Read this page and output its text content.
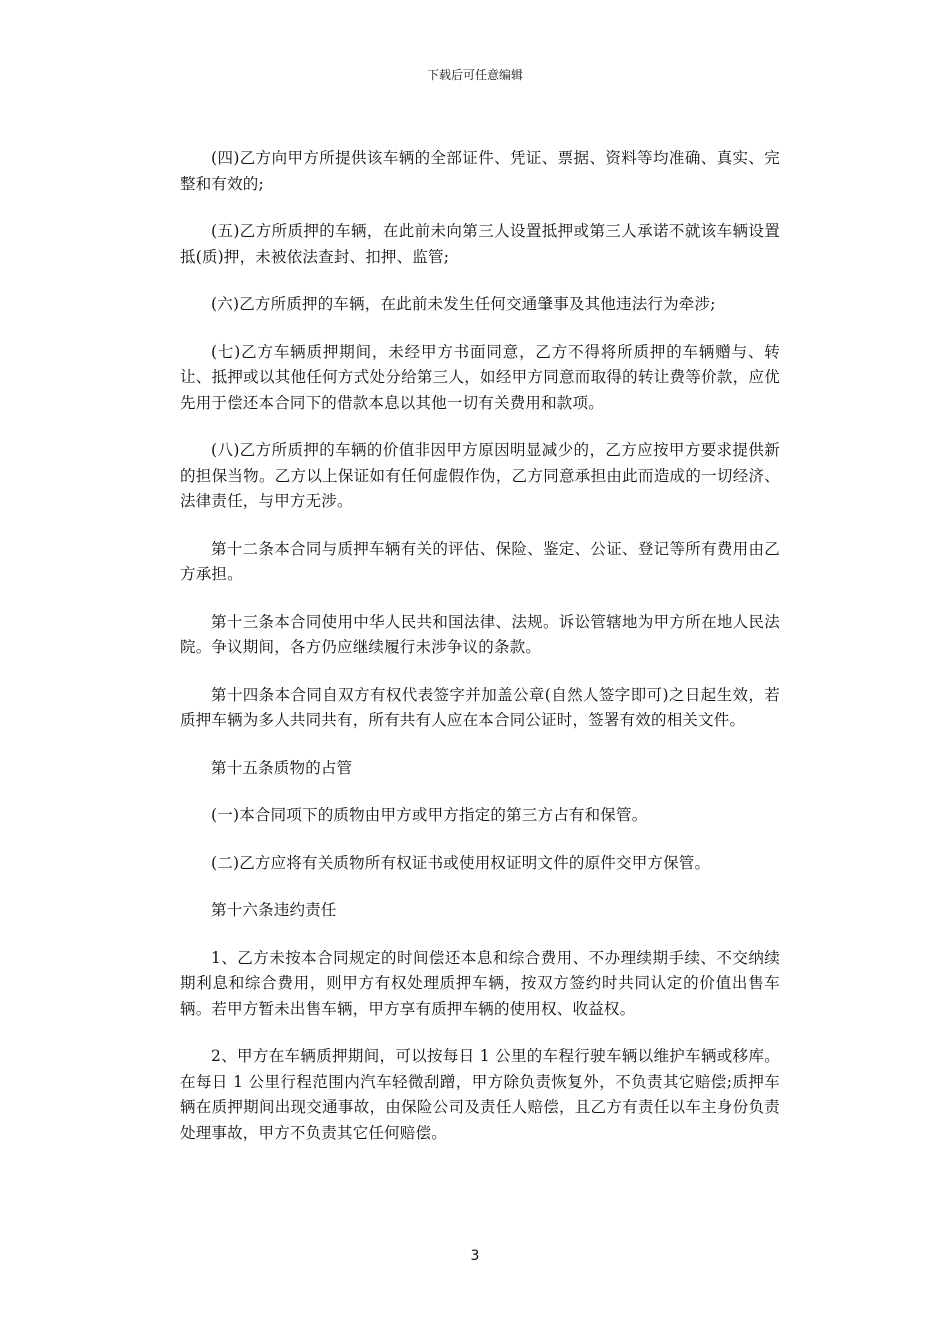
下载后可任意编辑

(四)乙方向甲方所提供该车辆的全部证件、凭证、票据、资料等均准确、真实、完整和有效的;

(五)乙方所质押的车辆，在此前未向第三人设置抵押或第三人承诺不就该车辆设置抵(质)押，未被依法查封、扣押、监管;

(六)乙方所质押的车辆，在此前未发生任何交通肇事及其他违法行为牵涉;

(七)乙方车辆质押期间，未经甲方书面同意，乙方不得将所质押的车辆赠与、转让、抵押或以其他任何方式处分给第三人，如经甲方同意而取得的转让费等价款，应优先用于偿还本合同下的借款本息以其他一切有关费用和款项。

(八)乙方所质押的车辆的价值非因甲方原因明显减少的，乙方应按甲方要求提供新的担保当物。乙方以上保证如有任何虚假作伪，乙方同意承担由此而造成的一切经济、法律责任，与甲方无涉。

第十二条本合同与质押车辆有关的评估、保险、鉴定、公证、登记等所有费用由乙方承担。

第十三条本合同使用中华人民共和国法律、法规。诉讼管辖地为甲方所在地人民法院。争议期间，各方仍应继续履行未涉争议的条款。

第十四条本合同自双方有权代表签字并加盖公章(自然人签字即可)之日起生效，若质押车辆为多人共同共有，所有共有人应在本合同公证时，签署有效的相关文件。

第十五条质物的占管

(一)本合同项下的质物由甲方或甲方指定的第三方占有和保管。

(二)乙方应将有关质物所有权证书或使用权证明文件的原件交甲方保管。

第十六条违约责任

1、乙方未按本合同规定的时间偿还本息和综合费用、不办理续期手续、不交纳续期利息和综合费用，则甲方有权处理质押车辆，按双方签约时共同认定的价值出售车辆。若甲方暂未出售车辆，甲方享有质押车辆的使用权、收益权。

2、甲方在车辆质押期间，可以按每日 1 公里的车程行驶车辆以维护车辆或移库。在每日 1 公里行程范围内汽车轻微刮蹭，甲方除负责恢复外，不负责其它赔偿;质押车辆在质押期间出现交通事故，由保险公司及责任人赔偿，且乙方有责任以车主身份负责处理事故，甲方不负责其它任何赔偿。

3
